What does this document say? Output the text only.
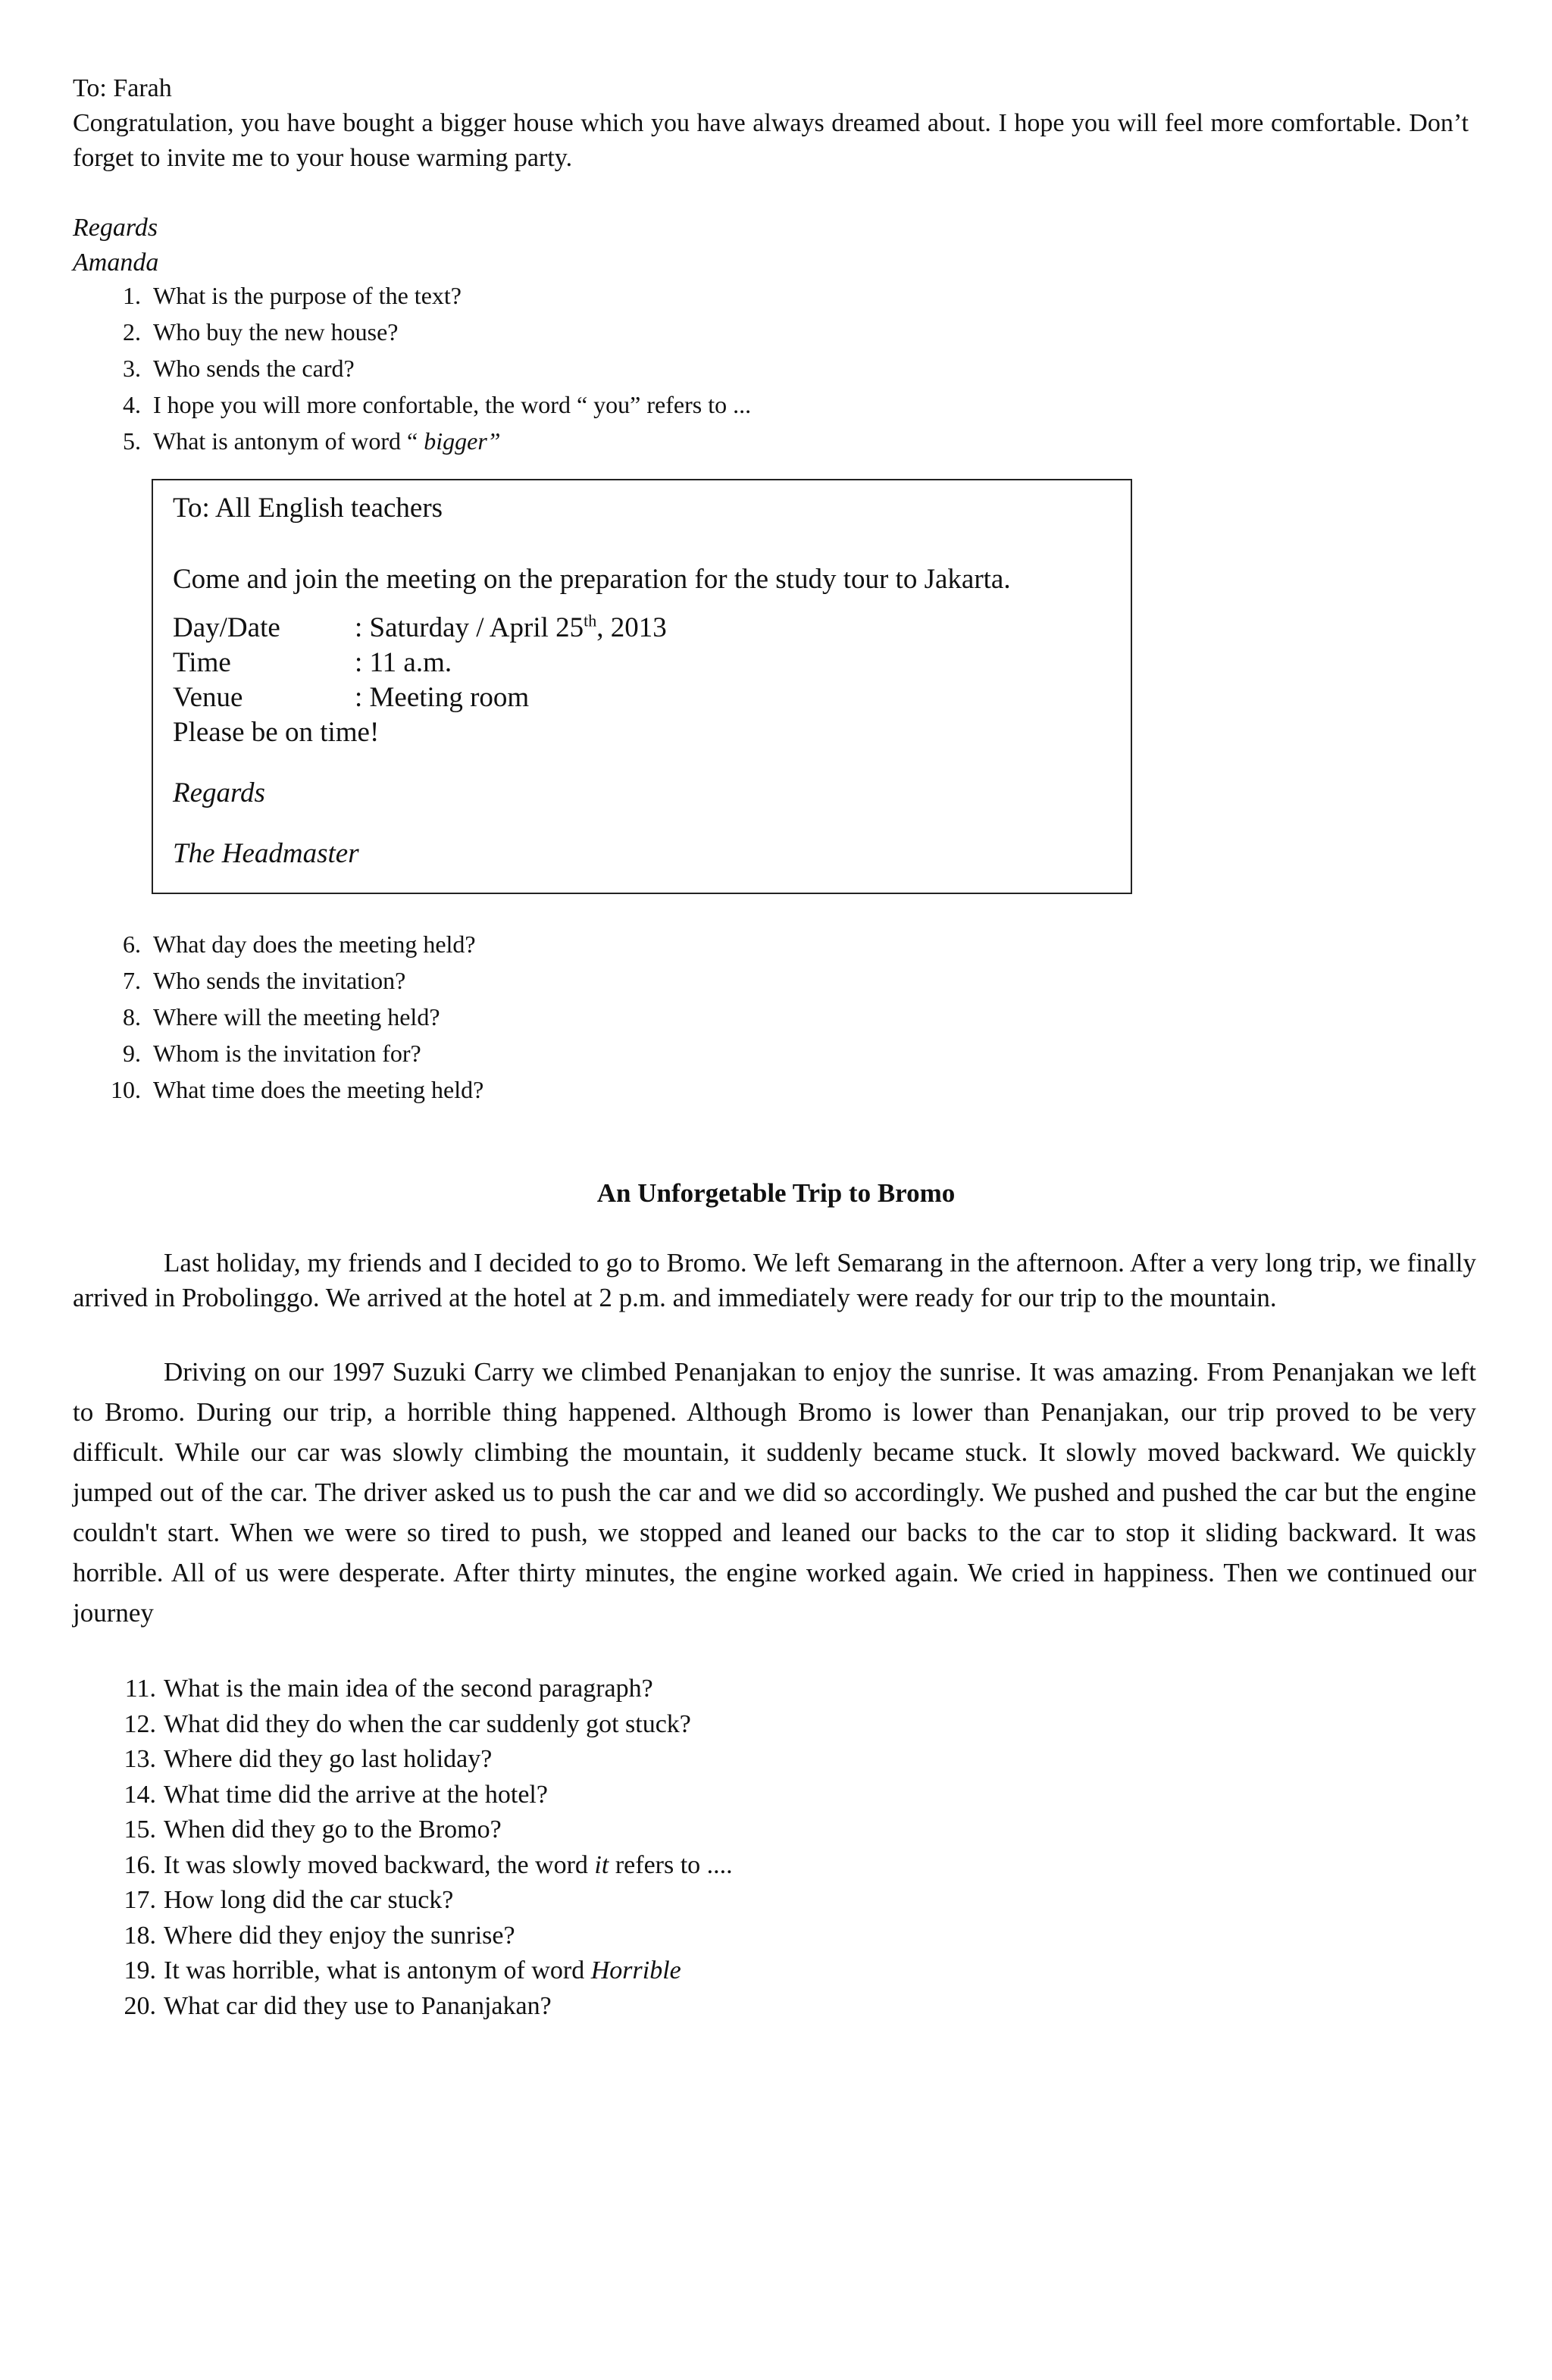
To: Farah
Congratulation, you have bought a bigger house which you have always dreamed about. I hope you will feel more comfortable. Don’t forget to invite me to your house warming party.
Regards
Amanda
1. What is the purpose of the text?
2. Who buy the new house?
3. Who sends the card?
4. I hope you will more confortable, the word “ you” refers to ...
5. What is antonym of word “ bigger”
To: All English teachers
Come and join the meeting on the preparation for the study tour to Jakarta.
Day/Date	: Saturday / April 25th, 2013
Time	: 11 a.m.
Venue	: Meeting room
Please be on time!
Regards
The Headmaster
6. What day does the meeting held?
7. Who sends the invitation?
8. Where will the meeting held?
9. Whom is the invitation for?
10. What time does the meeting held?
An Unforgetable Trip to Bromo
Last holiday, my friends and I decided to go to Bromo. We left Semarang in the afternoon. After a very long trip, we finally arrived in Probolinggo. We arrived at the hotel at 2 p.m. and immediately were ready for our trip to the mountain.
Driving on our 1997 Suzuki Carry we climbed Penanjakan to enjoy the sunrise. It was amazing. From Penanjakan we left to Bromo. During our trip, a horrible thing happened. Although Bromo is lower than Penanjakan, our trip proved to be very difficult. While our car was slowly climbing the mountain, it suddenly became stuck. It slowly moved backward. We quickly jumped out of the car. The driver asked us to push the car and we did so accordingly. We pushed and pushed the car but the engine couldn't start. When we were so tired to push, we stopped and leaned our backs to the car to stop it sliding backward. It was horrible. All of us were desperate. After thirty minutes, the engine worked again. We cried in happiness. Then we continued our journey
11. What is the main idea of the second paragraph?
12. What did they do when the car suddenly got stuck?
13. Where did they go last holiday?
14. What time did the arrive at the hotel?
15. When did they go to the Bromo?
16. It was slowly moved backward, the word it refers to ....
17. How long did the car stuck?
18. Where did they enjoy the sunrise?
19. It was horrible, what is antonym of word Horrible
20. What car did they use to Pananjakan?
